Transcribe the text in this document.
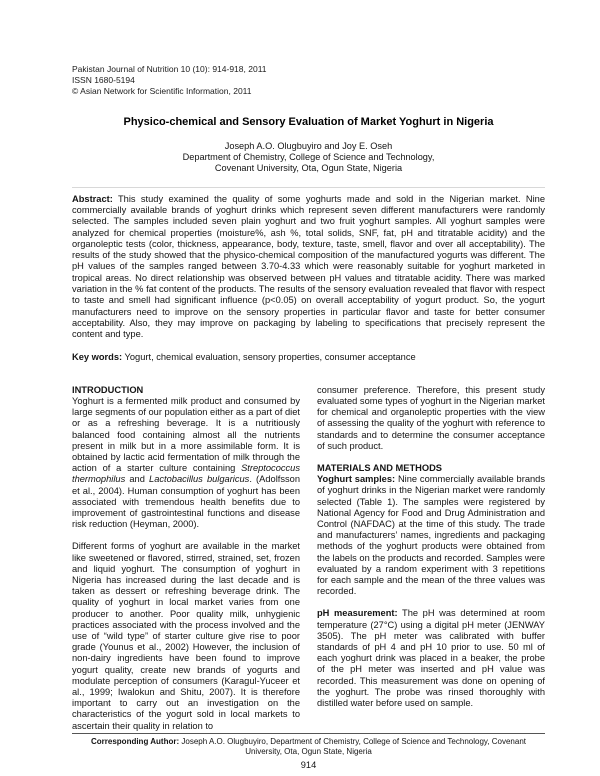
Pakistan Journal of Nutrition 10 (10): 914-918, 2011
ISSN 1680-5194
© Asian Network for Scientific Information, 2011
Physico-chemical and Sensory Evaluation of Market Yoghurt in Nigeria
Joseph A.O. Olugbuyiro and Joy E. Oseh
Department of Chemistry, College of Science and Technology,
Covenant University, Ota, Ogun State, Nigeria
Abstract: This study examined the quality of some yoghurts made and sold in the Nigerian market. Nine commercially available brands of yoghurt drinks which represent seven different manufacturers were randomly selected. The samples included seven plain yoghurt and two fruit yoghurt samples. All yoghurt samples were analyzed for chemical properties (moisture%, ash %, total solids, SNF, fat, pH and titratable acidity) and the organoleptic tests (color, thickness, appearance, body, texture, taste, smell, flavor and over all acceptability). The results of the study showed that the physico-chemical composition of the manufactured yogurts was different. The pH values of the samples ranged between 3.70-4.33 which were reasonably suitable for yoghurt marketed in tropical areas. No direct relationship was observed between pH values and titratable acidity. There was marked variation in the % fat content of the products. The results of the sensory evaluation revealed that flavor with respect to taste and smell had significant influence (p<0.05) on overall acceptability of yogurt product. So, the yogurt manufacturers need to improve on the sensory properties in particular flavor and taste for better consumer acceptability. Also, they may improve on packaging by labeling to specifications that precisely represent the content and type.
Key words: Yogurt, chemical evaluation, sensory properties, consumer acceptance
INTRODUCTION

Yoghurt is a fermented milk product and consumed by large segments of our population either as a part of diet or as a refreshing beverage. It is a nutritiously balanced food containing almost all the nutrients present in milk but in a more assimilable form. It is obtained by lactic acid fermentation of milk through the action of a starter culture containing Streptococcus thermophilus and Lactobacillus bulgaricus. (Adolfsson et al., 2004). Human consumption of yoghurt has been associated with tremendous health benefits due to improvement of gastrointestinal functions and disease risk reduction (Heyman, 2000).

Different forms of yoghurt are available in the market like sweetened or flavored, stirred, strained, set, frozen and liquid yoghurt. The consumption of yoghurt in Nigeria has increased during the last decade and is taken as dessert or refreshing beverage drink. The quality of yoghurt in local market varies from one producer to another. Poor quality milk, unhygienic practices associated with the process involved and the use of “wild type” of starter culture give rise to poor grade (Younus et al., 2002) However, the inclusion of non-dairy ingredients have been found to improve yogurt quality, create new brands of yogurts and modulate perception of consumers (Karagul-Yuceer et al., 1999; Iwalokun and Shitu, 2007). It is therefore important to carry out an investigation on the characteristics of the yogurt sold in local markets to ascertain their quality in relation to

consumer preference. Therefore, this present study evaluated some types of yoghurt in the Nigerian market for chemical and organoleptic properties with the view of assessing the quality of the yoghurt with reference to standards and to determine the consumer acceptance of such product.

MATERIALS AND METHODS

Yoghurt samples: Nine commercially available brands of yoghurt drinks in the Nigerian market were randomly selected (Table 1). The samples were registered by National Agency for Food and Drug Administration and Control (NAFDAC) at the time of this study. The trade and manufacturers’ names, ingredients and packaging methods of the yoghurt products were obtained from the labels on the products and recorded. Samples were evaluated by a random experiment with 3 repetitions for each sample and the mean of the three values was recorded.

pH measurement: The pH was determined at room temperature (27°C) using a digital pH meter (JENWAY 3505). The pH meter was calibrated with buffer standards of pH 4 and pH 10 prior to use. 50 ml of each yoghurt drink was placed in a beaker, the probe of the pH meter was inserted and pH value was recorded. This measurement was done on opening of the yoghurt. The probe was rinsed thoroughly with distilled water before used on sample.

Corresponding Author: Joseph A.O. Olugbuyiro, Department of Chemistry, College of Science and Technology, Covenant University, Ota, Ogun State, Nigeria
914
